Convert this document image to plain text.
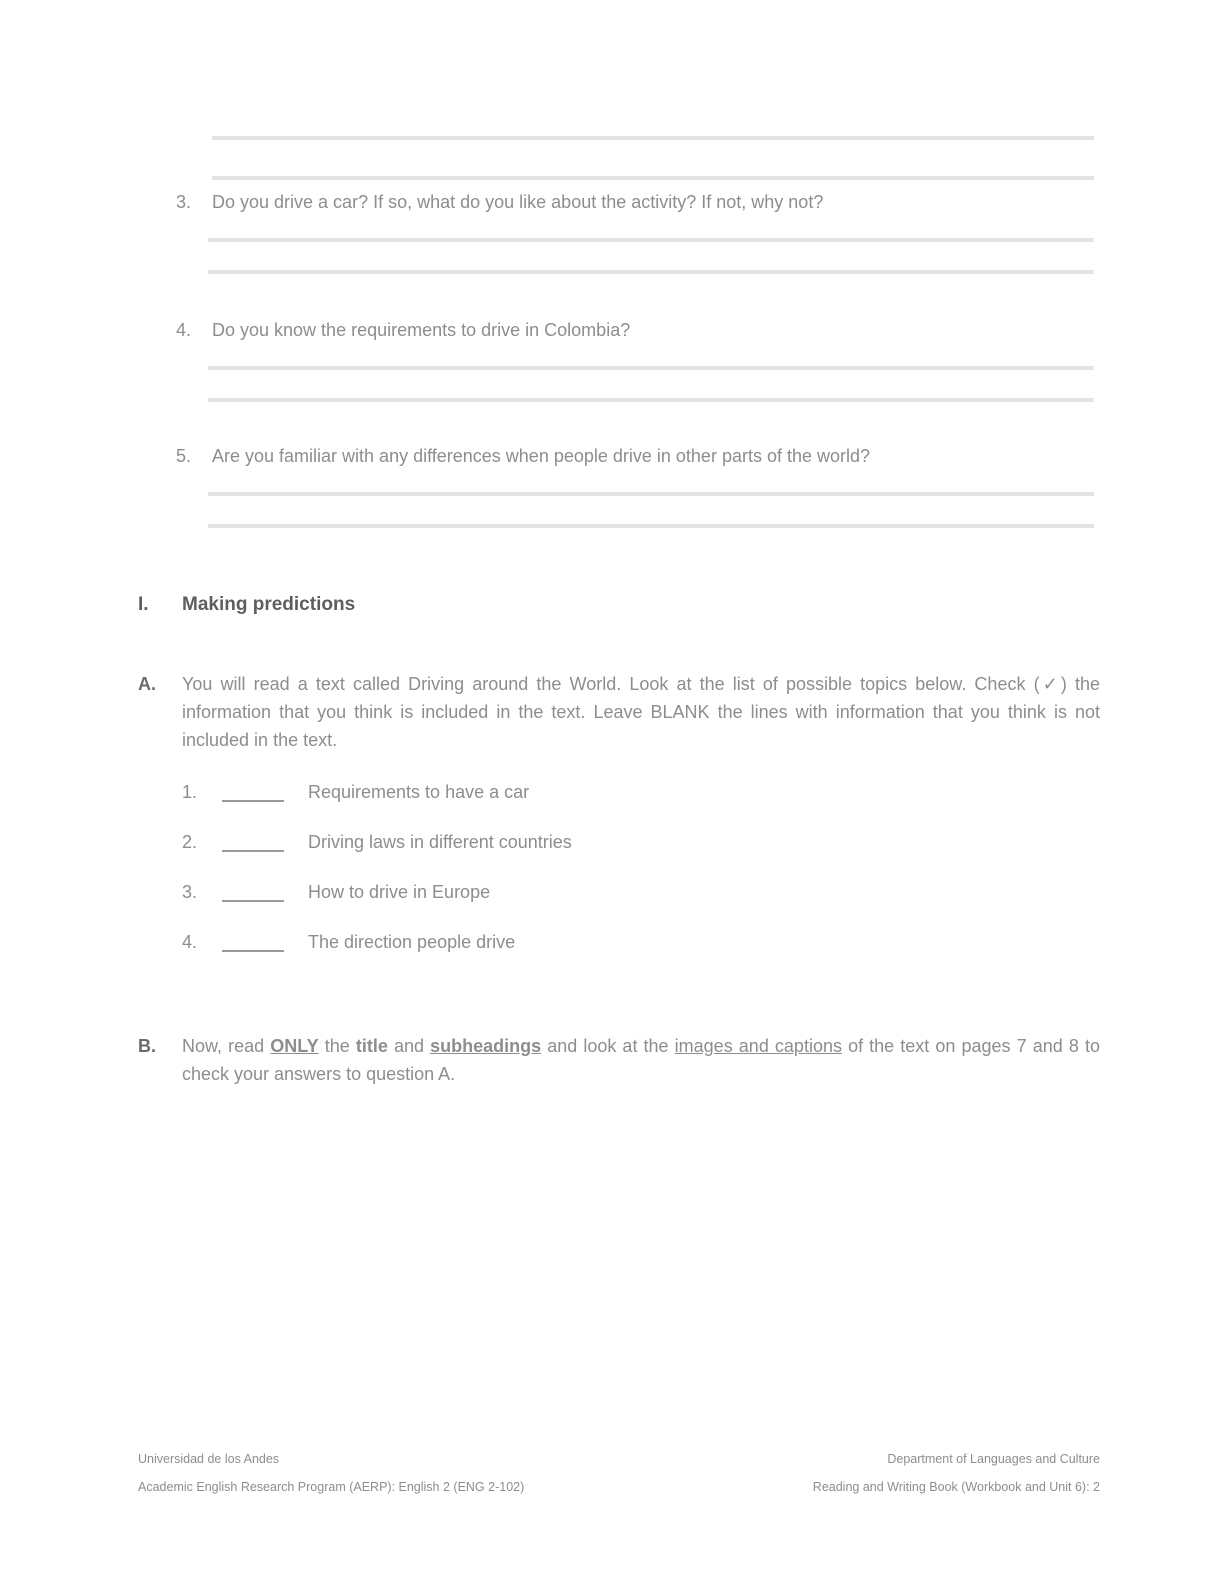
3. Do you drive a car? If so, what do you like about the activity? If not, why not?
4. Do you know the requirements to drive in Colombia?
5. Are you familiar with any differences when people drive in other parts of the world?
I. Making predictions
A. You will read a text called Driving around the World. Look at the list of possible topics below. Check (✓) the information that you think is included in the text. Leave BLANK the lines with information that you think is not included in the text.
1.	Requirements to have a car
2.	Driving laws in different countries
3.	How to drive in Europe
4.	The direction people drive
B. Now, read ONLY the title and subheadings and look at the images and captions of the text on pages 7 and 8 to check your answers to question A.
Universidad de los Andes
Academic English Research Program (AERP): English 2 (ENG 2-102)
Department of Languages and Culture
Reading and Writing Book (Workbook and Unit 6): 2
